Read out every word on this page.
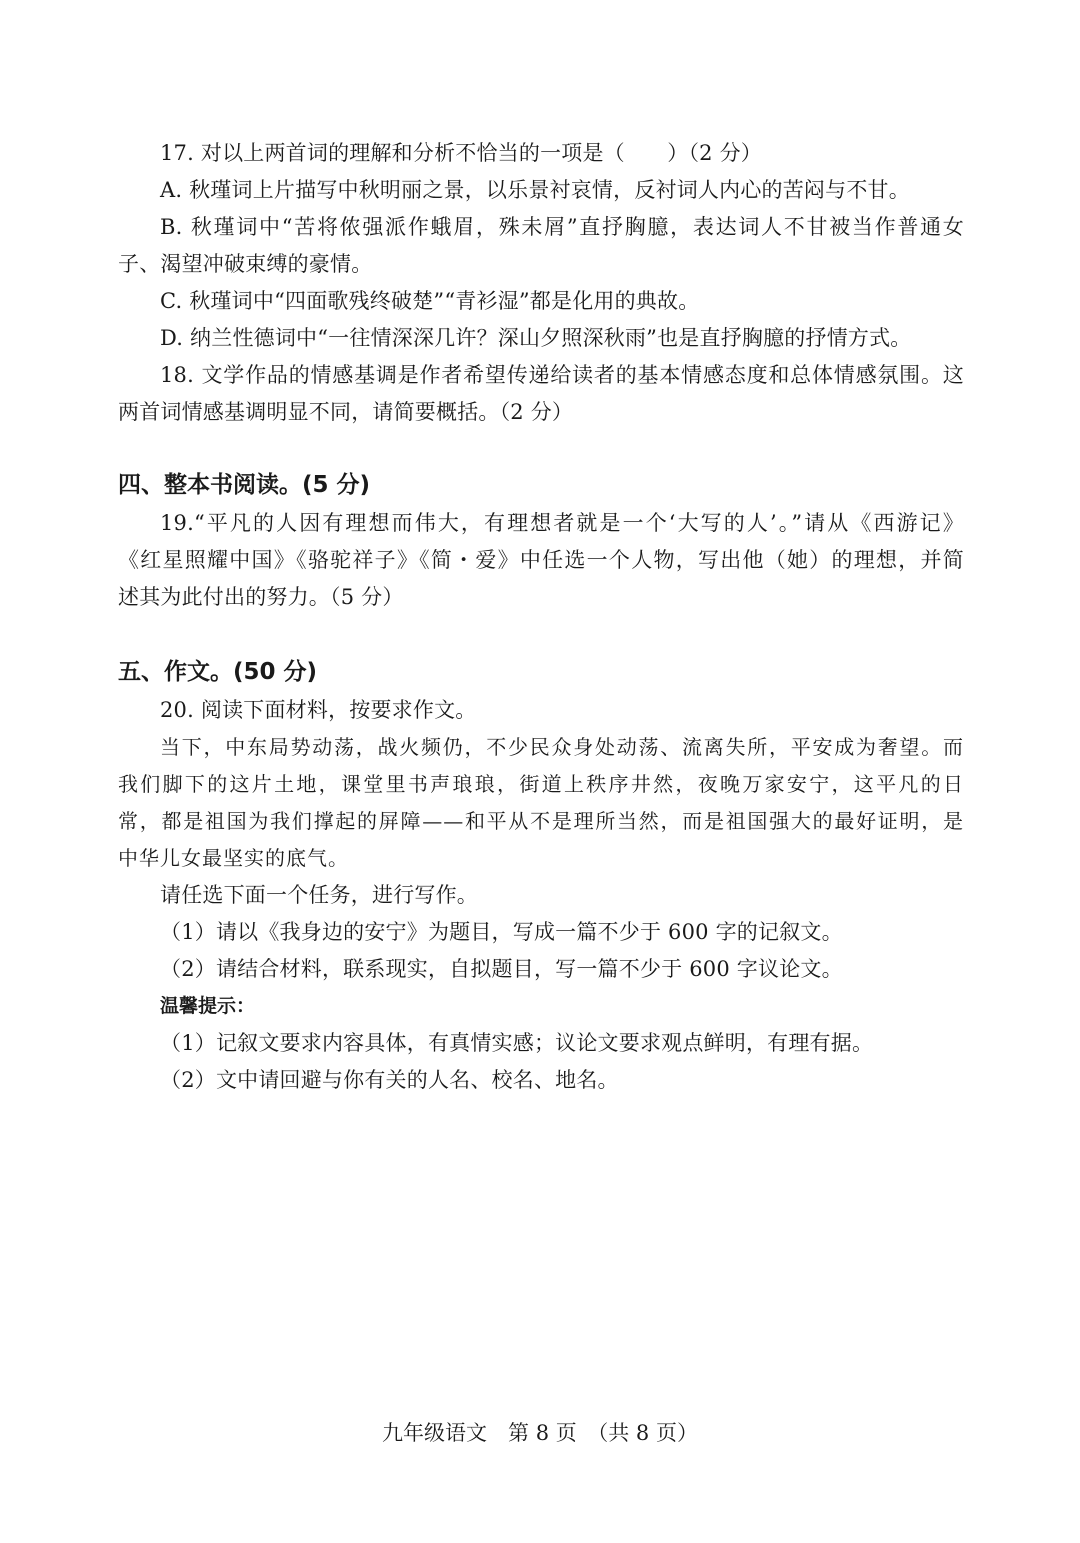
17. 对以上两首词的理解和分析不恰当的一项是（　　）（2 分）
A. 秋瑾词上片描写中秋明丽之景，以乐景衬哀情，反衬词人内心的苦闷与不甘。
B. 秋瑾词中“苦将侬强派作蛾眉，殊未屑”直抒胸臆，表达词人不甘被当作普通女
子、渴望冲破束缚的豪情。
C. 秋瑾词中“四面歌残终破楚”“青衫湿”都是化用的典故。
D. 纳兰性德词中“一往情深深几许？深山夕照深秋雨”也是直抒胸臆的抒情方式。
18. 文学作品的情感基调是作者希望传递给读者的基本情感态度和总体情感氛围。这
两首词情感基调明显不同，请简要概括。（2 分）
四、整本书阅读。(5 分)
19.“平凡的人因有理想而伟大，有理想者就是一个‘大写的人’。”请从《西游记》
《红星照耀中国》《骆驼祥子》《简・爱》中任选一个人物，写出他（她）的理想，并简
述其为此付出的努力。（5 分）
五、作文。(50 分)
20. 阅读下面材料，按要求作文。
当下，中东局势动荡，战火频仍，不少民众身处动荡、流离失所，平安成为奢望。而
我们脚下的这片土地，课堂里书声琅琅，街道上秩序井然，夜晚万家安宁，这平凡的日
常，都是祖国为我们撑起的屏障——和平从不是理所当然，而是祖国强大的最好证明，是
中华儿女最坚实的底气。
请任选下面一个任务，进行写作。
（1）请以《我身边的安宁》为题目，写成一篇不少于 600 字的记叙文。
（2）请结合材料，联系现实，自拟题目，写一篇不少于 600 字议论文。
温馨提示：
（1）记叙文要求内容具体，有真情实感；议论文要求观点鲜明，有理有据。
（2）文中请回避与你有关的人名、校名、地名。
九年级语文　第 8 页　（共 8 页）
